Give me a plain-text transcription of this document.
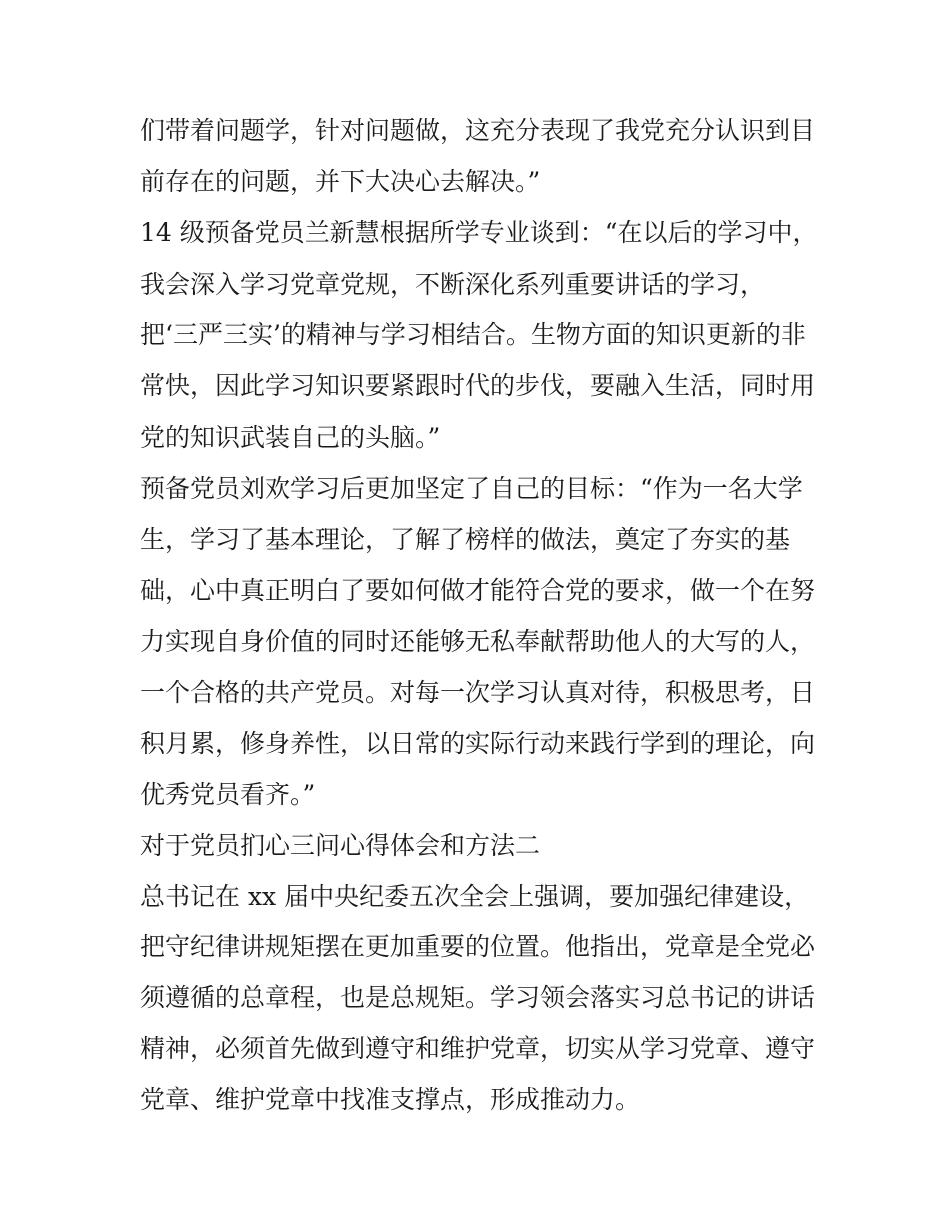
们带着问题学，针对问题做，这充分表现了我党充分认识到目
前存在的问题，并下大决心去解决。”
14 级预备党员兰新慧根据所学专业谈到：“在以后的学习中，
我会深入学习党章党规，不断深化系列重要讲话的学习，
把‘三严三实’的精神与学习相结合。生物方面的知识更新的非
常快，因此学习知识要紧跟时代的步伐，要融入生活，同时用
党的知识武装自己的头脑。”
预备党员刘欢学习后更加坚定了自己的目标：“作为一名大学
生，学习了基本理论，了解了榜样的做法，奠定了夯实的基
础，心中真正明白了要如何做才能符合党的要求，做一个在努
力实现自身价值的同时还能够无私奉献帮助他人的大写的人，
一个合格的共产党员。对每一次学习认真对待，积极思考，日
积月累，修身养性，以日常的实际行动来践行学到的理论，向
优秀党员看齐。”
对于党员扪心三问心得体会和方法二
总书记在 xx 届中央纪委五次全会上强调，要加强纪律建设，
把守纪律讲规矩摆在更加重要的位置。他指出，党章是全党必
须遵循的总章程，也是总规矩。学习领会落实习总书记的讲话
精神，必须首先做到遵守和维护党章，切实从学习党章、遵守
党章、维护党章中找准支撑点，形成推动力。
